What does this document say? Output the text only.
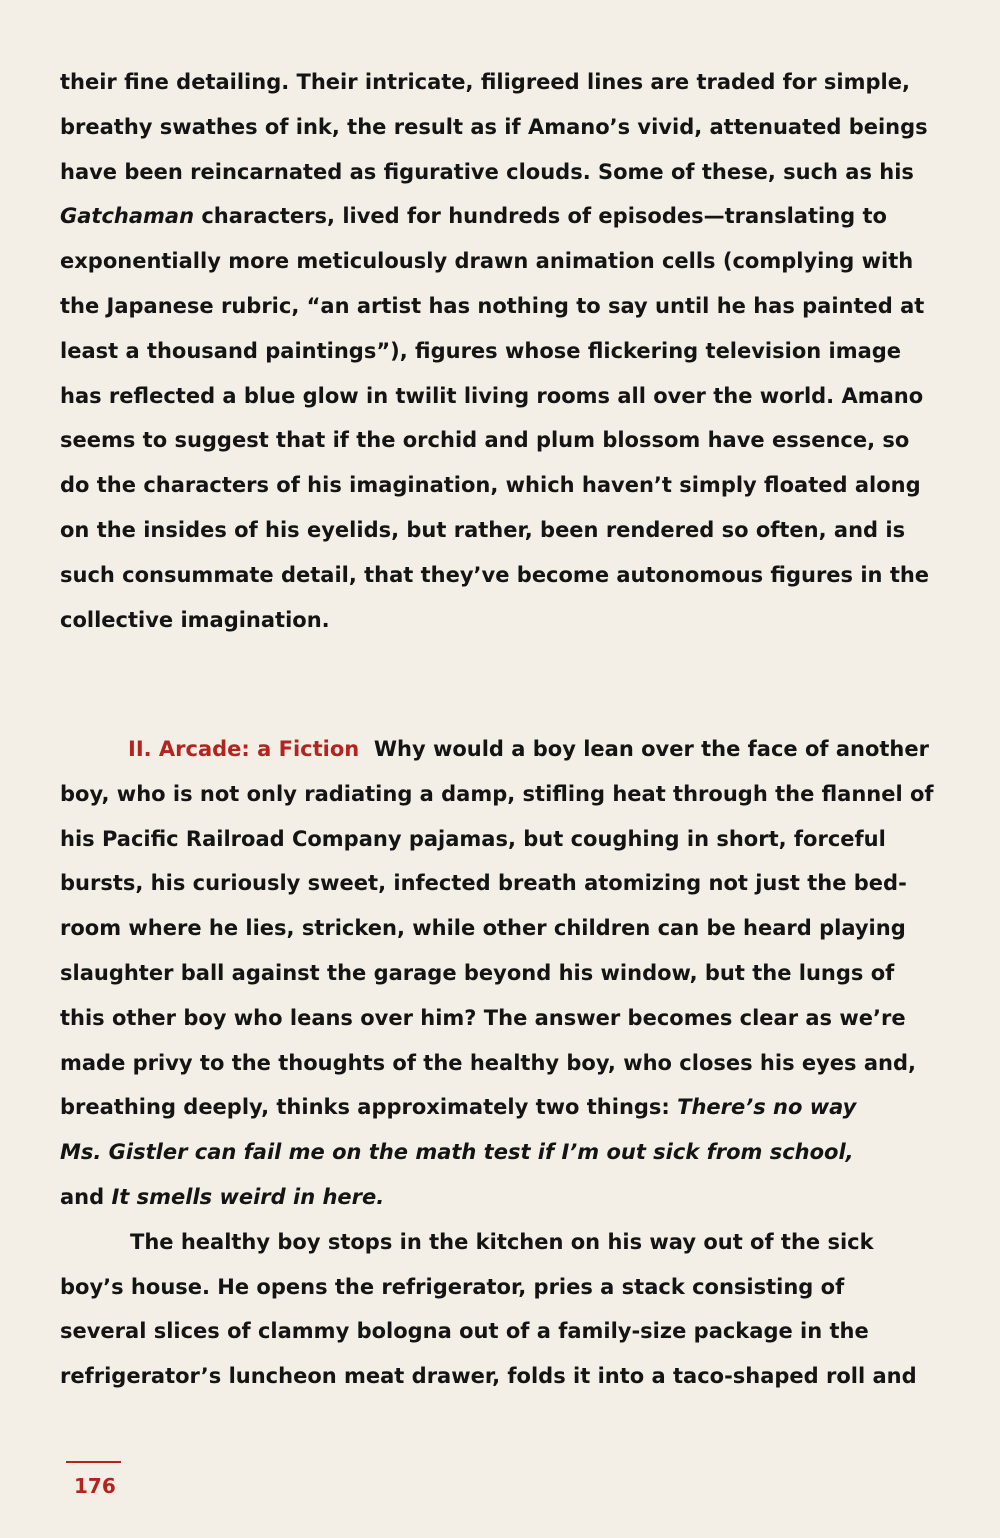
their fine detailing. Their intricate, filigreed lines are traded for simple,
breathy swathes of ink, the result as if Amano’s vivid, attenuated beings
have been reincarnated as figurative clouds. Some of these, such as his
Gatchaman characters, lived for hundreds of episodes—translating to
exponentially more meticulously drawn animation cells (complying with
the Japanese rubric, “an artist has nothing to say until he has painted at
least a thousand paintings”), figures whose flickering television image
has reflected a blue glow in twilit living rooms all over the world. Amano
seems to suggest that if the orchid and plum blossom have essence, so
do the characters of his imagination, which haven’t simply floated along
on the insides of his eyelids, but rather, been rendered so often, and is
such consummate detail, that they’ve become autonomous figures in the
collective imagination.
II. Arcade: a Fiction Why would a boy lean over the face of another
boy, who is not only radiating a damp, stifling heat through the flannel of
his Pacific Railroad Company pajamas, but coughing in short, forceful
bursts, his curiously sweet, infected breath atomizing not just the bed-
room where he lies, stricken, while other children can be heard playing
slaughter ball against the garage beyond his window, but the lungs of
this other boy who leans over him? The answer becomes clear as we’re
made privy to the thoughts of the healthy boy, who closes his eyes and,
breathing deeply, thinks approximately two things: There’s no way
Ms. Gistler can fail me on the math test if I’m out sick from school,
and It smells weird in here.
The healthy boy stops in the kitchen on his way out of the sick
boy’s house. He opens the refrigerator, pries a stack consisting of
several slices of clammy bologna out of a family-size package in the
refrigerator’s luncheon meat drawer, folds it into a taco-shaped roll and
176
